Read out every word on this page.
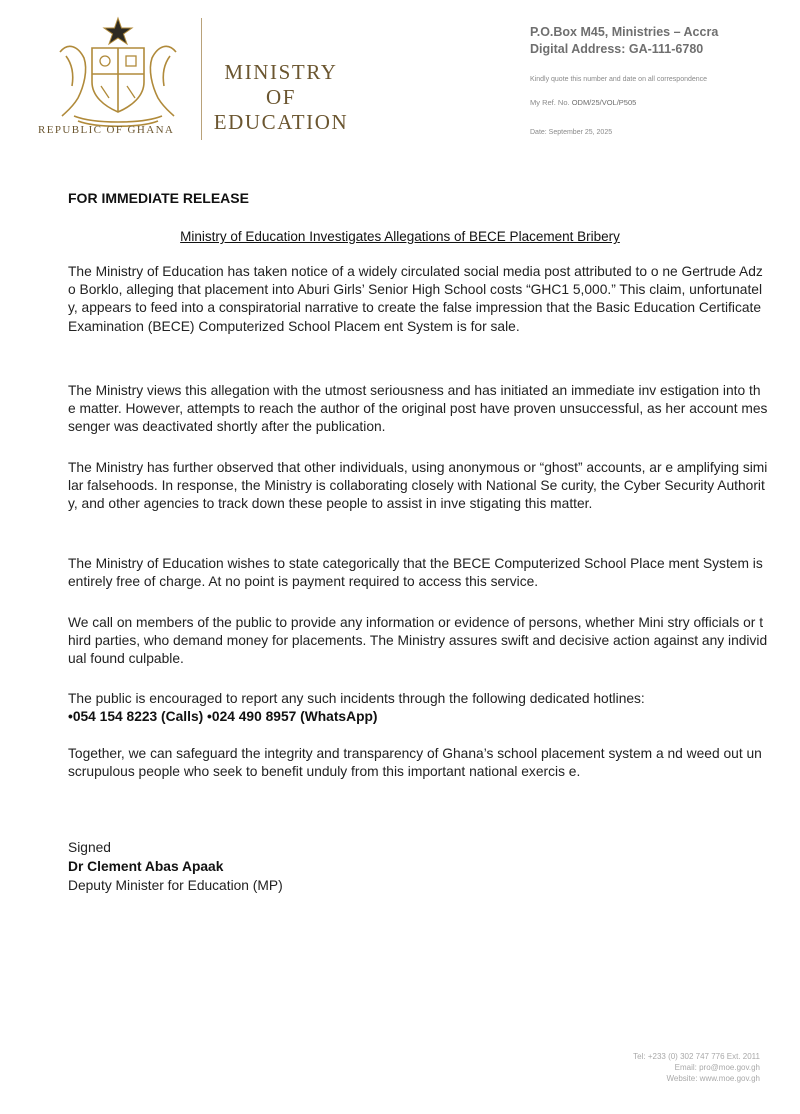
REPUBLIC OF GHANA
MINISTRY
OF
EDUCATION
P.O.Box M45, Ministries – Accra
Digital Address: GA-111-6780
Kindly quote this number and date on all correspondence
My Ref. No. ODM/25/VOL/P505
Date: September 25, 2025
FOR IMMEDIATE RELEASE
Ministry of Education Investigates Allegations of BECE Placement Bribery
The Ministry of Education has taken notice of a widely circulated social media post attributed to o ne Gertrude Adzo Borklo, alleging that placement into Aburi Girls’ Senior High School costs “GHC1 5,000.” This claim, unfortunately, appears to feed into a conspiratorial narrative to create the false impression that the Basic Education Certificate Examination (BECE) Computerized School Placem ent System is for sale.
The Ministry views this allegation with the utmost seriousness and has initiated an immediate inv estigation into the matter. However, attempts to reach the author of the original post have proven unsuccessful, as her account messenger was deactivated shortly after the publication.
The Ministry has further observed that other individuals, using anonymous or “ghost” accounts, ar e amplifying similar falsehoods. In response, the Ministry is collaborating closely with National Se curity, the Cyber Security Authority, and other agencies to track down these people to assist in inve stigating this matter.
The Ministry of Education wishes to state categorically that the BECE Computerized School Place ment System is entirely free of charge. At no point is payment required to access this service.
We call on members of the public to provide any information or evidence of persons, whether Mini stry officials or third parties, who demand money for placements. The Ministry assures swift and decisive action against any individual found culpable.
The public is encouraged to report any such incidents through the following dedicated hotlines:
•054 154 8223 (Calls) •024 490 8957 (WhatsApp)
Together, we can safeguard the integrity and transparency of Ghana’s school placement system a nd weed out unscrupulous people who seek to benefit unduly from this important national exercis e.
Signed
Dr Clement Abas Apaak
Deputy Minister for Education (MP)
Tel: +233 (0) 302 747 776 Ext. 2011
Email: pro@moe.gov.gh
Website: www.moe.gov.gh
